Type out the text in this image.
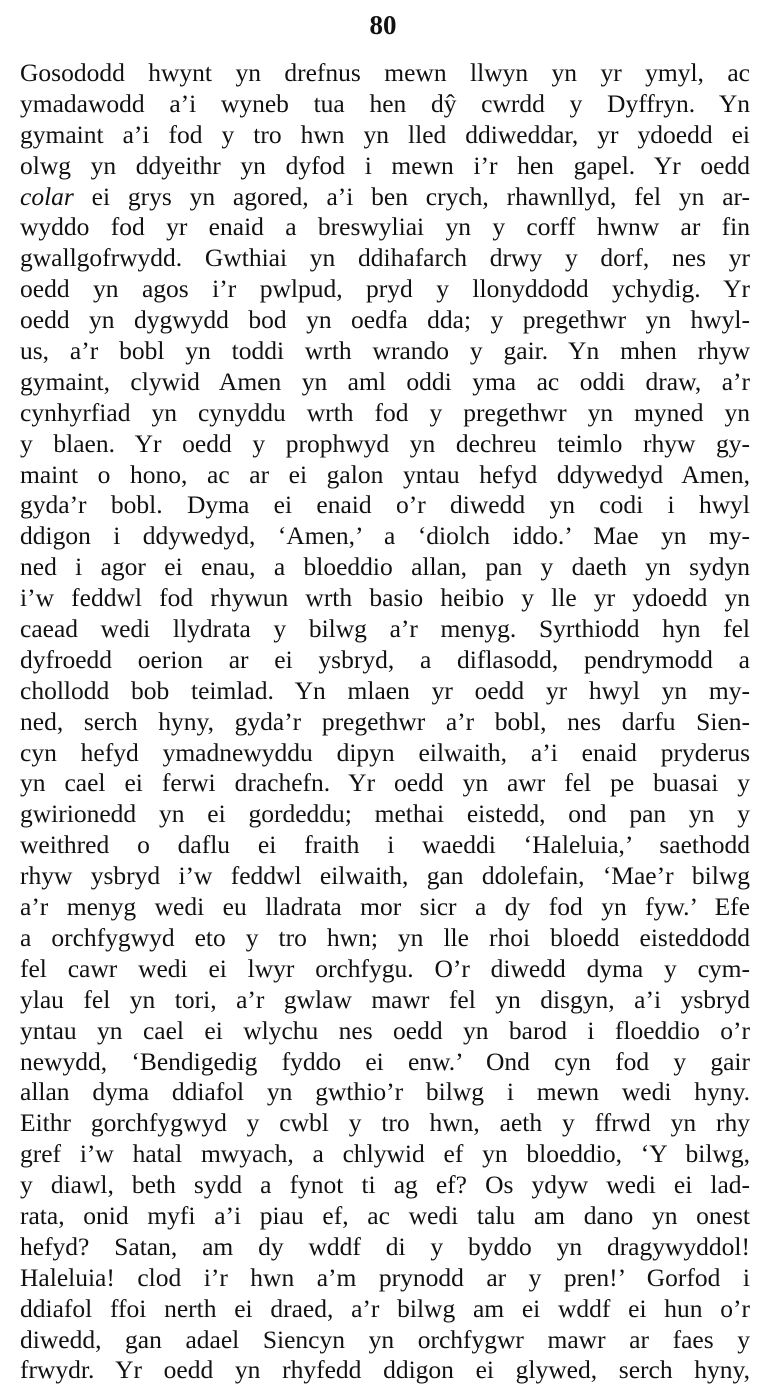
80
Gosododd hwynt yn drefnus mewn llwyn yn yr ymyl, ac
ymadawodd a’i wyneb tua hen dŷ cwrdd y Dyffryn. Yn
gymaint a’i fod y tro hwn yn lled ddiweddar, yr ydoedd ei
olwg yn ddyeithr yn dyfod i mewn i’r hen gapel. Yr oedd
colar ei grys yn agored, a’i ben crych, rhawnllyd, fel yn ar-
wyddo fod yr enaid a breswyliai yn y corff hwnw ar fin
gwallgofrwydd. Gwthiai yn ddihafarch drwy y dorf, nes yr
oedd yn agos i’r pwlpud, pryd y llonyddodd ychydig. Yr
oedd yn dygwydd bod yn oedfa dda; y pregethwr yn hwyl-
us, a’r bobl yn toddi wrth wrando y gair. Yn mhen rhyw
gymaint, clywid Amen yn aml oddi yma ac oddi draw, a’r
cynhyrfiad yn cynyddu wrth fod y pregethwr yn myned yn
y blaen. Yr oedd y prophwyd yn dechreu teimlo rhyw gy-
maint o hono, ac ar ei galon yntau hefyd ddywedyd Amen,
gyda’r bobl. Dyma ei enaid o’r diwedd yn codi i hwyl
ddigon i ddywedyd, ‘Amen,’ a ‘diolch iddo.’ Mae yn my-
ned i agor ei enau, a bloeddio allan, pan y daeth yn sydyn
i’w feddwl fod rhywun wrth basio heibio y lle yr ydoedd yn
caead wedi llydrata y bilwg a’r menyg. Syrthiodd hyn fel
dyfroedd oerion ar ei ysbryd, a diflasodd, pendrymodd a
chollodd bob teimlad. Yn mlaen yr oedd yr hwyl yn my-
ned, serch hyny, gyda’r pregethwr a’r bobl, nes darfu Sien-
cyn hefyd ymadnewyddu dipyn eilwaith, a’i enaid pryderus
yn cael ei ferwi drachefn. Yr oedd yn awr fel pe buasai y
gwirionedd yn ei gordeddu; methai eistedd, ond pan yn y
weithred o daflu ei fraith i waeddi ‘Haleluia,’ saethodd
rhyw ysbryd i’w feddwl eilwaith, gan ddolefain, ‘Mae’r bilwg
a’r menyg wedi eu lladrata mor sicr a dy fod yn fyw.’ Efe
a orchfygwyd eto y tro hwn; yn lle rhoi bloedd eisteddodd
fel cawr wedi ei lwyr orchfygu. O’r diwedd dyma y cym-
ylau fel yn tori, a’r gwlaw mawr fel yn disgyn, a’i ysbryd
yntau yn cael ei wlychu nes oedd yn barod i floeddio o’r
newydd, ‘Bendigedig fyddo ei enw.’ Ond cyn fod y gair
allan dyma ddiafol yn gwthio’r bilwg i mewn wedi hyny.
Eithr gorchfygwyd y cwbl y tro hwn, aeth y ffrwd yn rhy
gref i’w hatal mwyach, a chlywid ef yn bloeddio, ‘Y bilwg,
y diawl, beth sydd a fynot ti ag ef? Os ydyw wedi ei lad-
rata, onid myfi a’i piau ef, ac wedi talu am dano yn onest
hefyd? Satan, am dy wddf di y byddo yn dragywyddol!
Haleluia! clod i’r hwn a’m prynodd ar y pren!’ Gorfod i
ddiafol ffoi nerth ei draed, a’r bilwg am ei wddf ei hun o’r
diwedd, gan adael Siencyn yn orchfygwr mawr ar faes y
frwydr. Yr oedd yn rhyfedd ddigon ei glywed, serch hyny,
